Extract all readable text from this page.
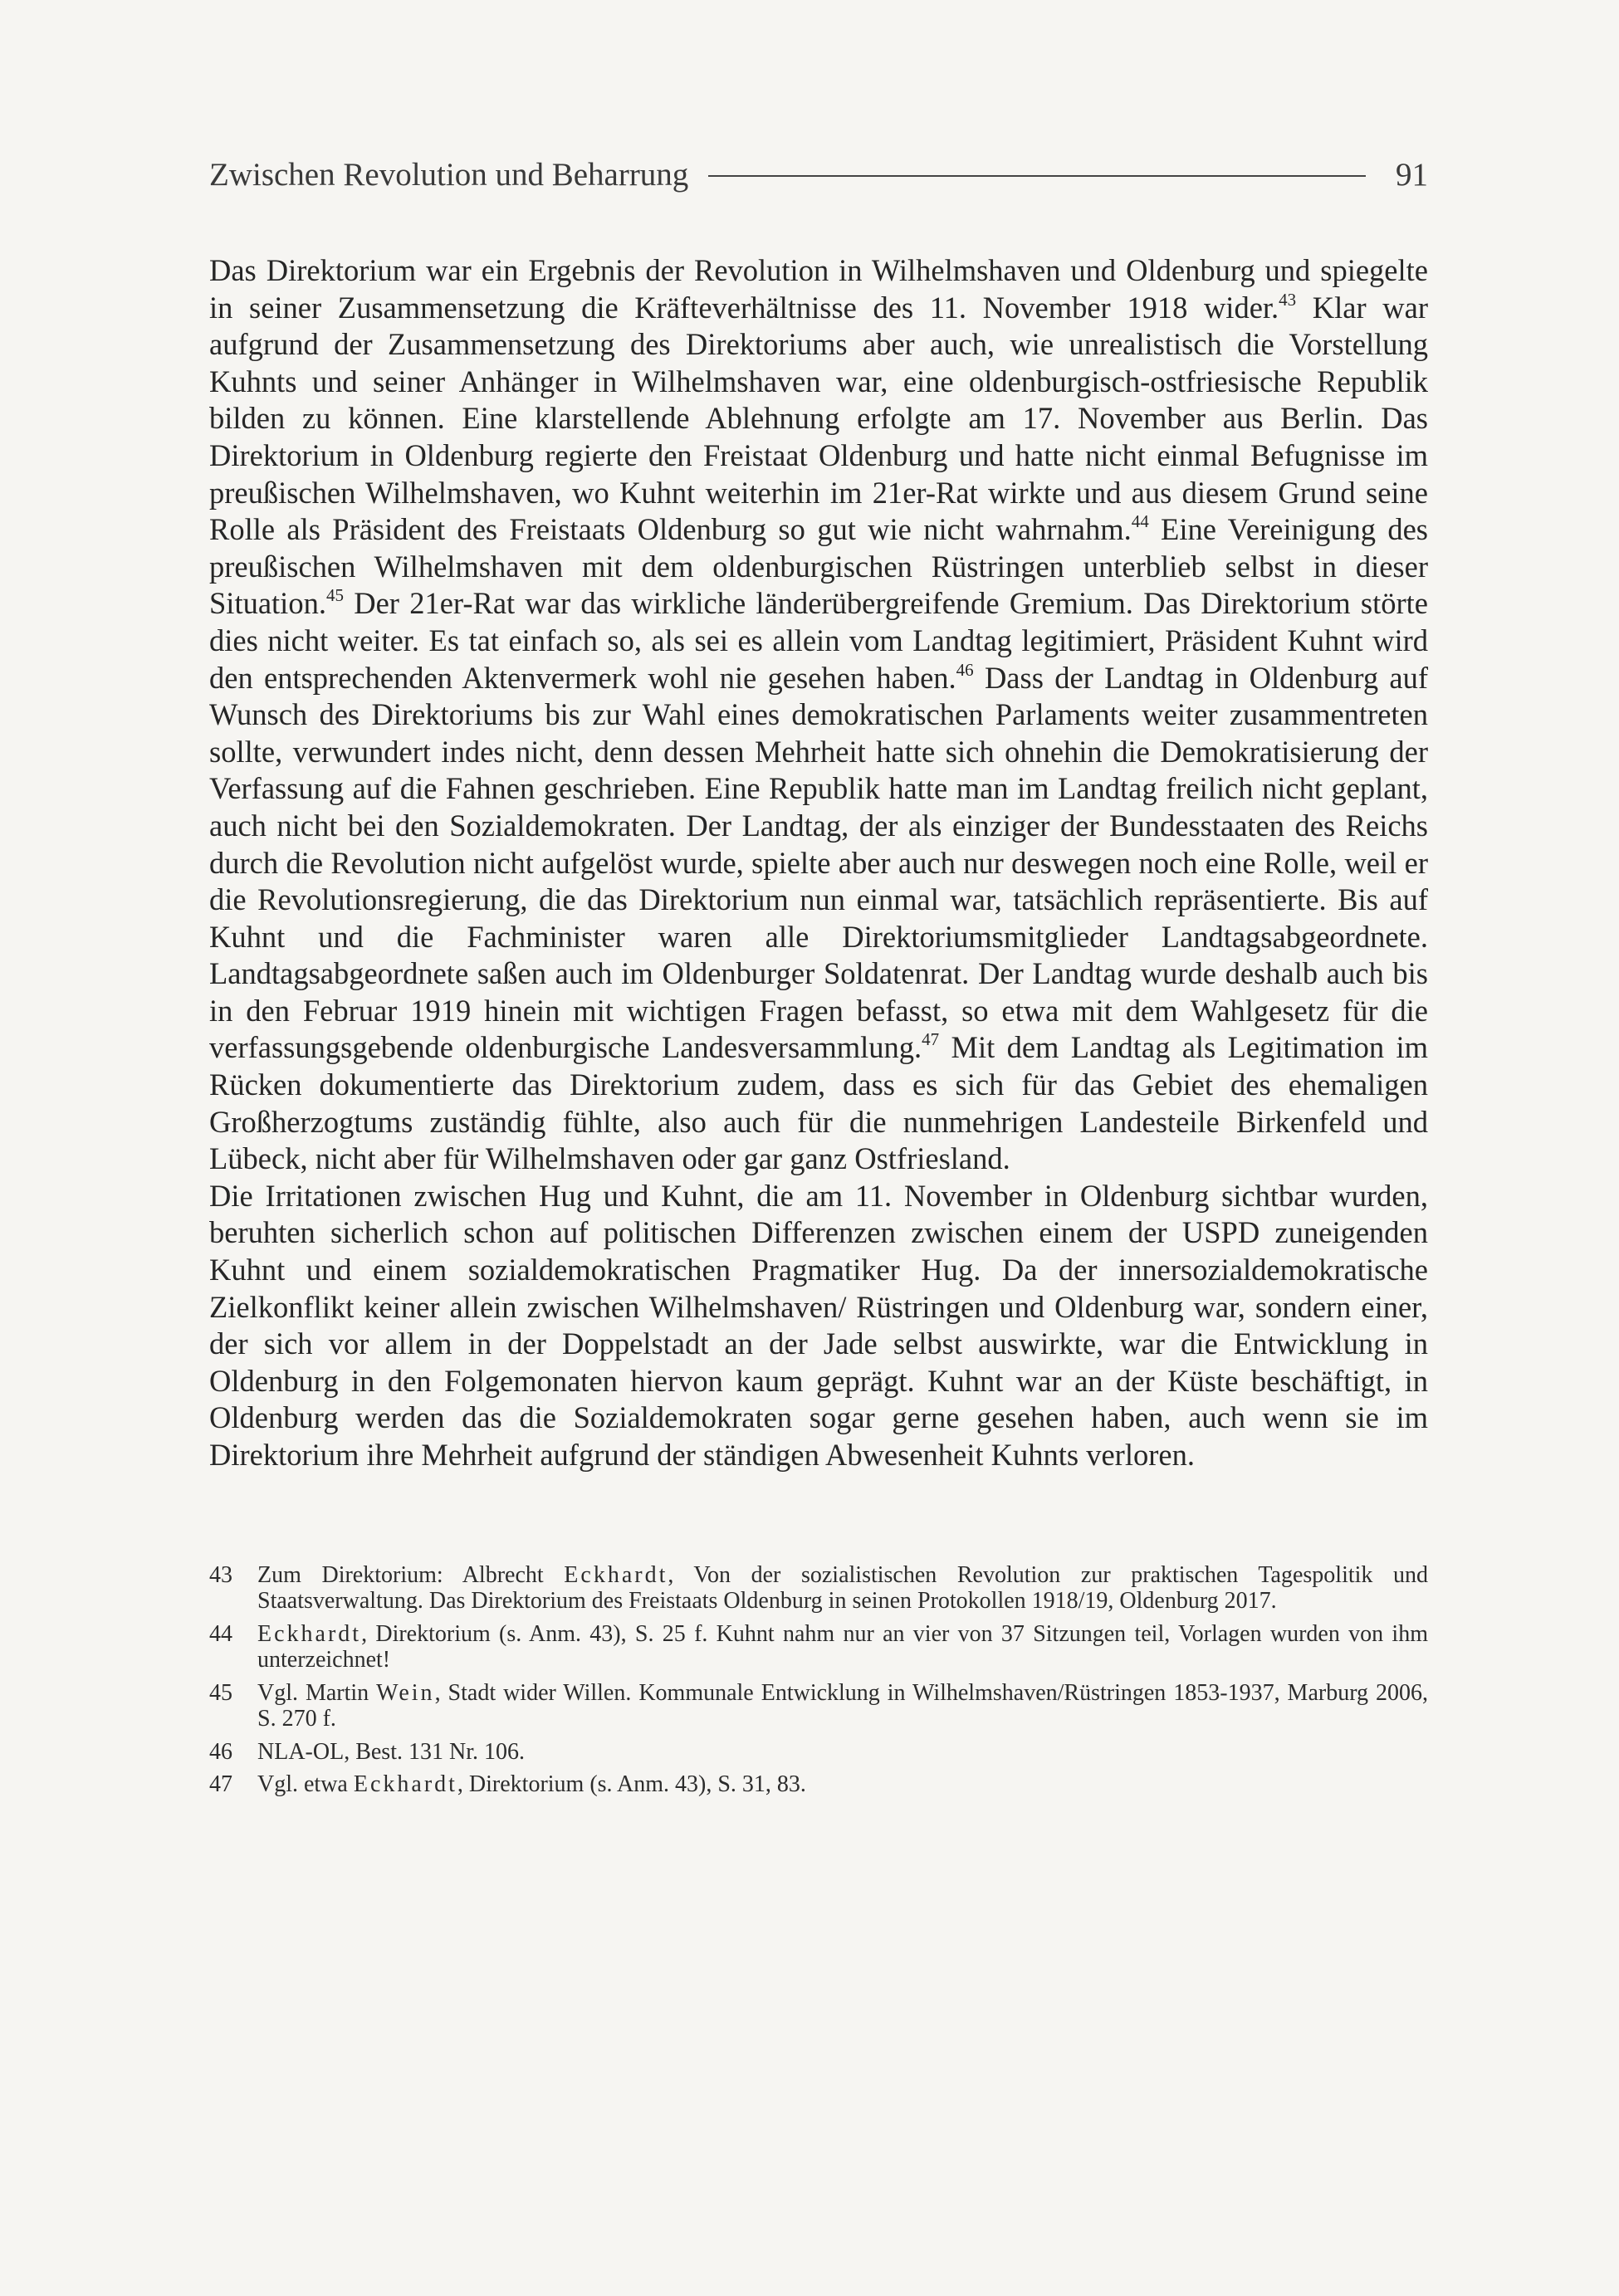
Zwischen Revolution und Beharrung	91

Das Direktorium war ein Ergebnis der Revolution in Wilhelmshaven und Oldenburg und spiegelte in seiner Zusammensetzung die Kräfteverhältnisse des 11. November 1918 wider.$^{43}$ Klar war aufgrund der Zusammensetzung des Direktoriums aber auch, wie unrealistisch die Vorstellung Kuhnts und seiner Anhänger in Wilhelmshaven war, eine oldenburgisch-ostfriesische Republik bilden zu können. Eine klarstellende Ablehnung erfolgte am 17. November aus Berlin. Das Direktorium in Oldenburg regierte den Freistaat Oldenburg und hatte nicht einmal Befugnisse im preußischen Wilhelmshaven, wo Kuhnt weiterhin im 21er-Rat wirkte und aus diesem Grund seine Rolle als Präsident des Freistaats Oldenburg so gut wie nicht wahrnahm.$^{44}$ Eine Vereinigung des preußischen Wilhelmshaven mit dem oldenburgischen Rüstringen unterblieb selbst in dieser Situation.$^{45}$ Der 21er-Rat war das wirkliche länderübergreifende Gremium. Das Direktorium störte dies nicht weiter. Es tat einfach so, als sei es allein vom Landtag legitimiert, Präsident Kuhnt wird den entsprechenden Aktenvermerk wohl nie gesehen haben.$^{46}$ Dass der Landtag in Oldenburg auf Wunsch des Direktoriums bis zur Wahl eines demokratischen Parlaments weiter zusammentreten sollte, verwundert indes nicht, denn dessen Mehrheit hatte sich ohnehin die Demokratisierung der Verfassung auf die Fahnen geschrieben. Eine Republik hatte man im Landtag freilich nicht geplant, auch nicht bei den Sozialdemokraten. Der Landtag, der als einziger der Bundesstaaten des Reichs durch die Revolution nicht aufgelöst wurde, spielte aber auch nur deswegen noch eine Rolle, weil er die Revolutionsregierung, die das Direktorium nun einmal war, tatsächlich repräsentierte. Bis auf Kuhnt und die Fachminister waren alle Direktoriumsmitglieder Landtagsabgeordnete. Landtagsabgeordnete saßen auch im Oldenburger Soldatenrat. Der Landtag wurde deshalb auch bis in den Februar 1919 hinein mit wichtigen Fragen befasst, so etwa mit dem Wahlgesetz für die verfassungsgebende oldenburgische Landesversammlung.$^{47}$ Mit dem Landtag als Legitimation im Rücken dokumentierte das Direktorium zudem, dass es sich für das Gebiet des ehemaligen Großherzogtums zuständig fühlte, also auch für die nunmehrigen Landesteile Birkenfeld und Lübeck, nicht aber für Wilhelmshaven oder gar ganz Ostfriesland.

Die Irritationen zwischen Hug und Kuhnt, die am 11. November in Oldenburg sichtbar wurden, beruhten sicherlich schon auf politischen Differenzen zwischen einem der USPD zuneigenden Kuhnt und einem sozialdemokratischen Pragmatiker Hug. Da der innersozialdemokratische Zielkonflikt keiner allein zwischen Wilhelmshaven/ Rüstringen und Oldenburg war, sondern einer, der sich vor allem in der Doppelstadt an der Jade selbst auswirkte, war die Entwicklung in Oldenburg in den Folgemonaten hiervon kaum geprägt. Kuhnt war an der Küste beschäftigt, in Oldenburg werden das die Sozialdemokraten sogar gerne gesehen haben, auch wenn sie im Direktorium ihre Mehrheit aufgrund der ständigen Abwesenheit Kuhnts verloren.

43	Zum Direktorium: Albrecht Eckhardt, Von der sozialistischen Revolution zur praktischen Tagespolitik und Staatsverwaltung. Das Direktorium des Freistaats Oldenburg in seinen Protokollen 1918/19, Oldenburg 2017.
44	Eckhardt, Direktorium (s. Anm. 43), S. 25 f. Kuhnt nahm nur an vier von 37 Sitzungen teil, Vorlagen wurden von ihm unterzeichnet!
45	Vgl. Martin Wein, Stadt wider Willen. Kommunale Entwicklung in Wilhelmshaven/Rüstringen 1853-1937, Marburg 2006, S. 270 f.
46	NLA-OL, Best. 131 Nr. 106.
47	Vgl. etwa Eckhardt, Direktorium (s. Anm. 43), S. 31, 83.
